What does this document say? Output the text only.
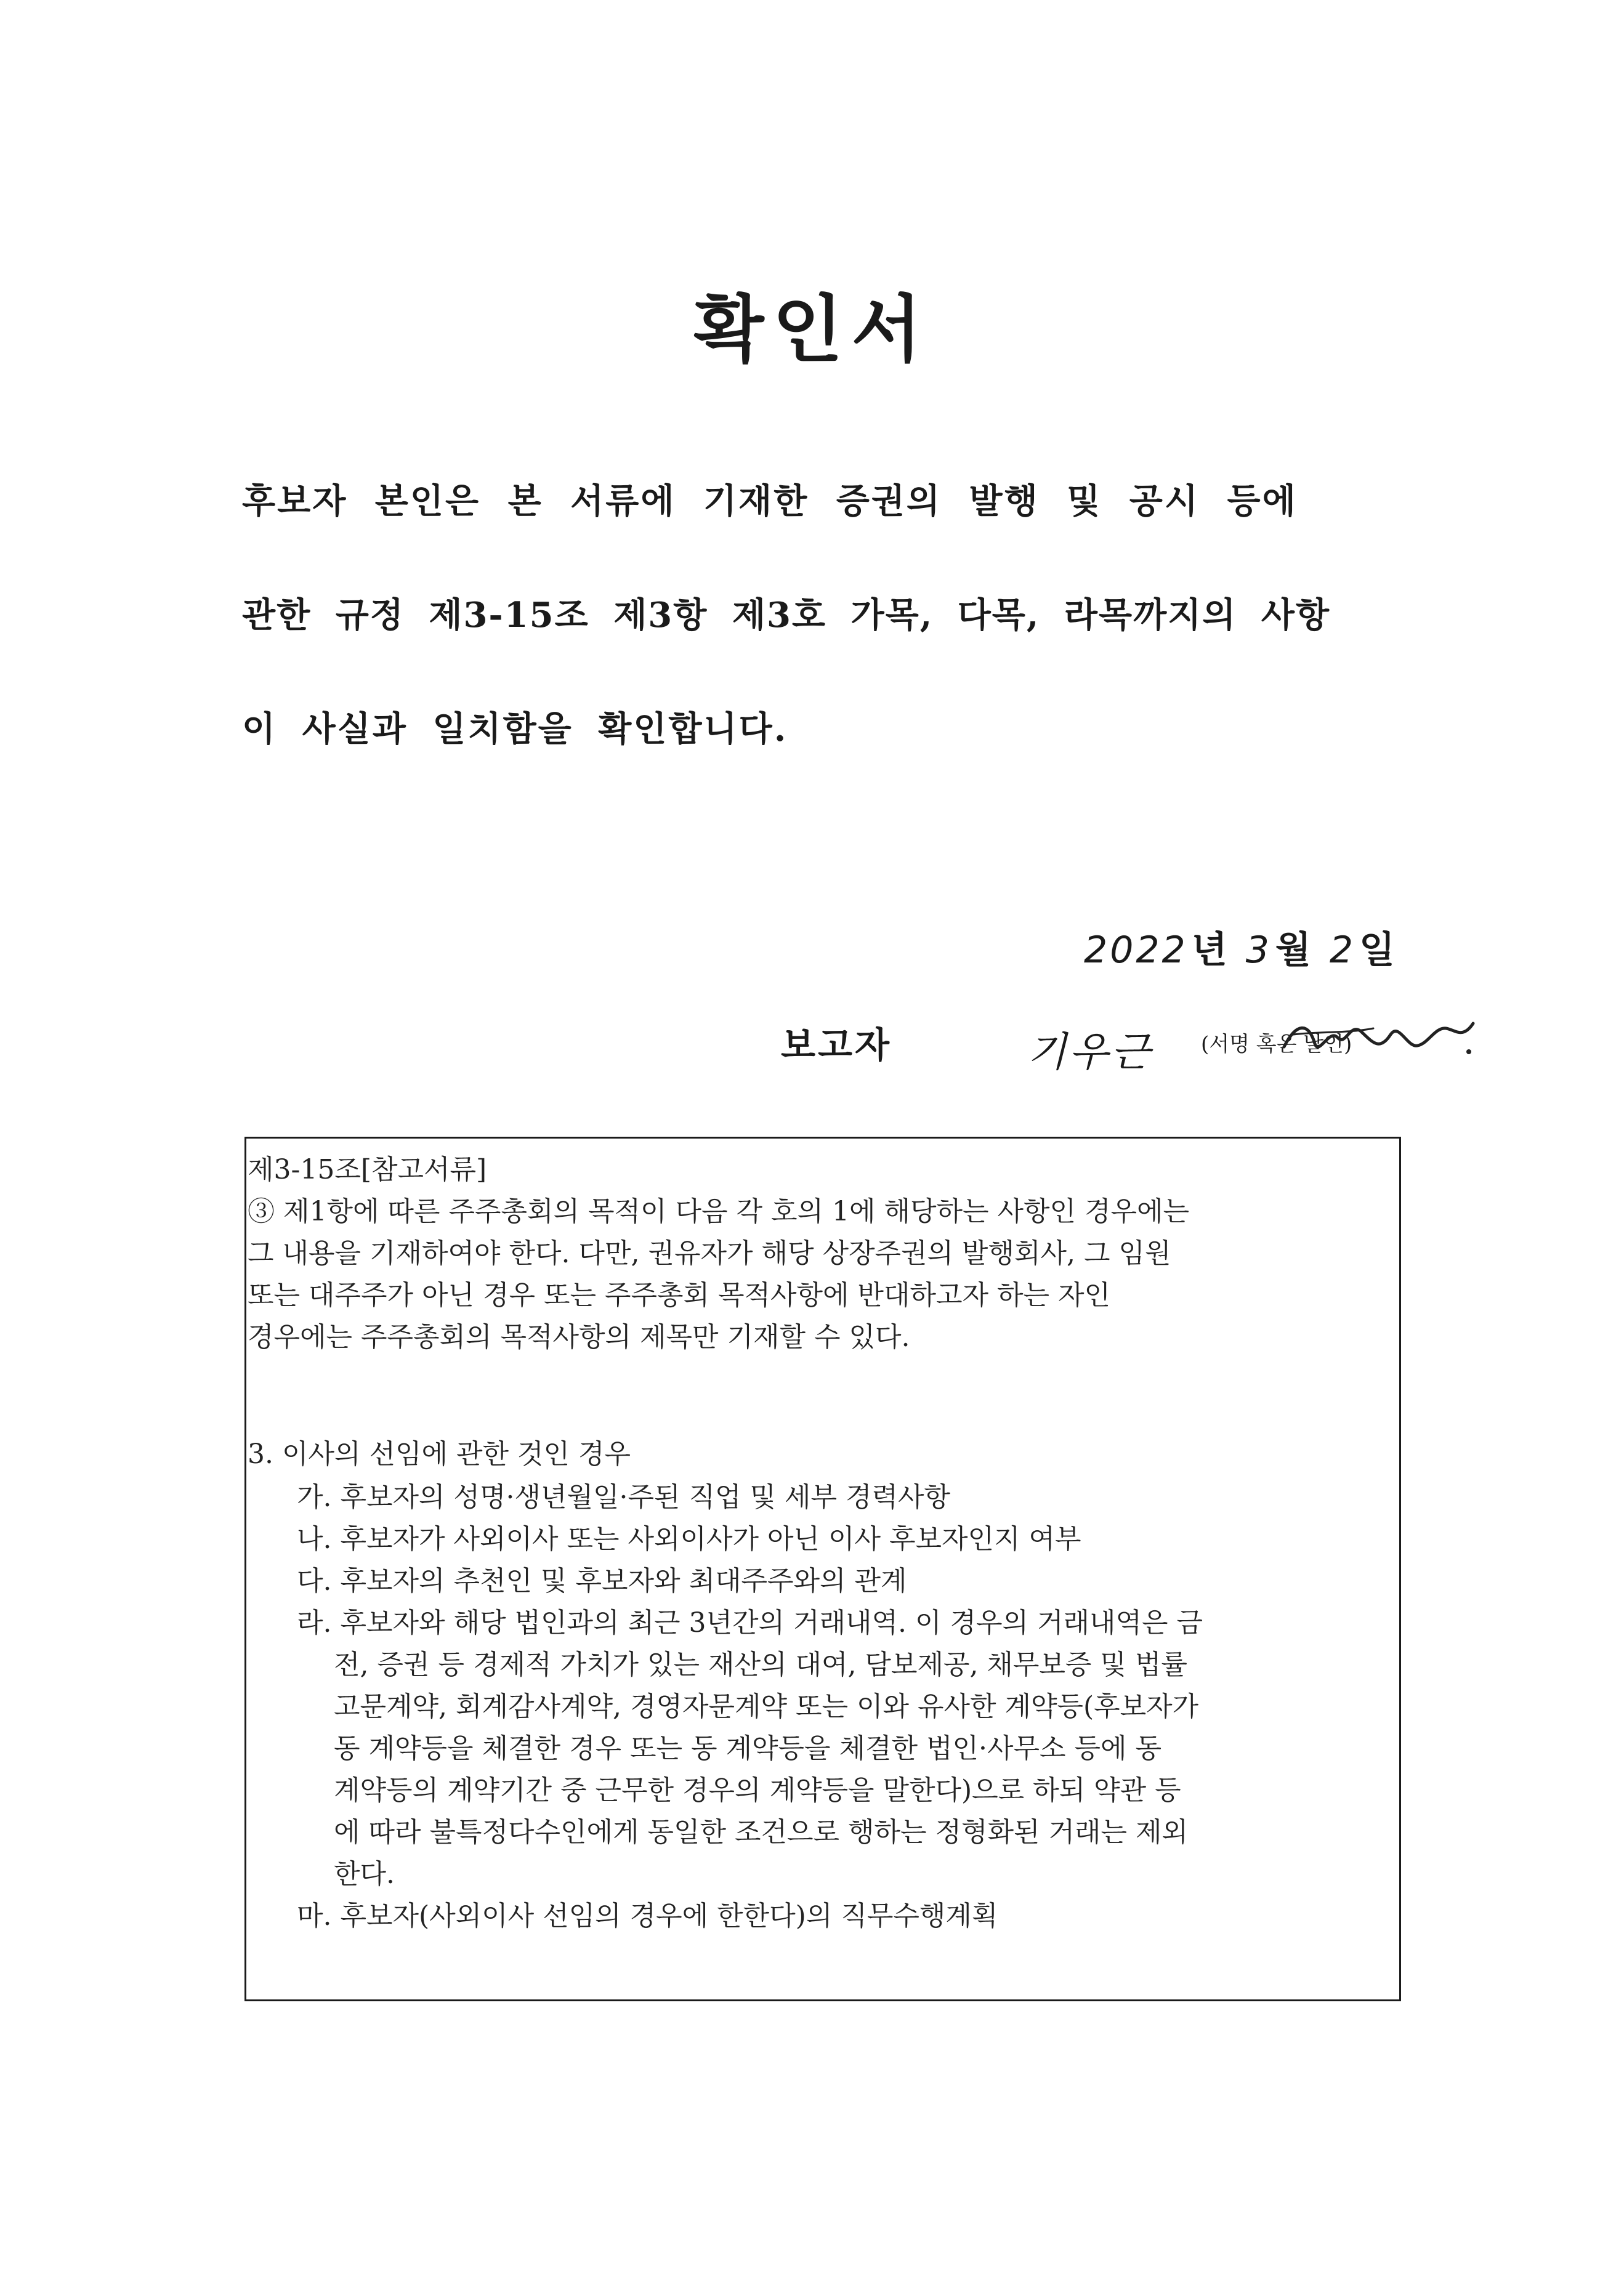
확인서
후보자 본인은 본 서류에 기재한 증권의 발행 및 공시 등에
관한 규정 제3-15조 제3항 제3호 가목, 다목, 라목까지의 사항
이 사실과 일치함을 확인합니다.
2022 년 3 월 2 일
보고자	기우근 (서명 혹은 날인)
제3-15조[참고서류]
③ 제1항에 따른 주주총회의 목적이 다음 각 호의 1에 해당하는 사항인 경우에는
그 내용을 기재하여야 한다. 다만, 권유자가 해당 상장주권의 발행회사, 그 임원
또는 대주주가 아닌 경우 또는 주주총회 목적사항에 반대하고자 하는 자인
경우에는 주주총회의 목적사항의 제목만 기재할 수 있다.
3. 이사의 선임에 관한 것인 경우
가. 후보자의 성명·생년월일·주된 직업 및 세부 경력사항
나. 후보자가 사외이사 또는 사외이사가 아닌 이사 후보자인지 여부
다. 후보자의 추천인 및 후보자와 최대주주와의 관계
라. 후보자와 해당 법인과의 최근 3년간의 거래내역. 이 경우의 거래내역은 금
전, 증권 등 경제적 가치가 있는 재산의 대여, 담보제공, 채무보증 및 법률
고문계약, 회계감사계약, 경영자문계약 또는 이와 유사한 계약등(후보자가
동 계약등을 체결한 경우 또는 동 계약등을 체결한 법인·사무소 등에 동
계약등의 계약기간 중 근무한 경우의 계약등을 말한다)으로 하되 약관 등
에 따라 불특정다수인에게 동일한 조건으로 행하는 정형화된 거래는 제외
한다.
마. 후보자(사외이사 선임의 경우에 한한다)의 직무수행계획
